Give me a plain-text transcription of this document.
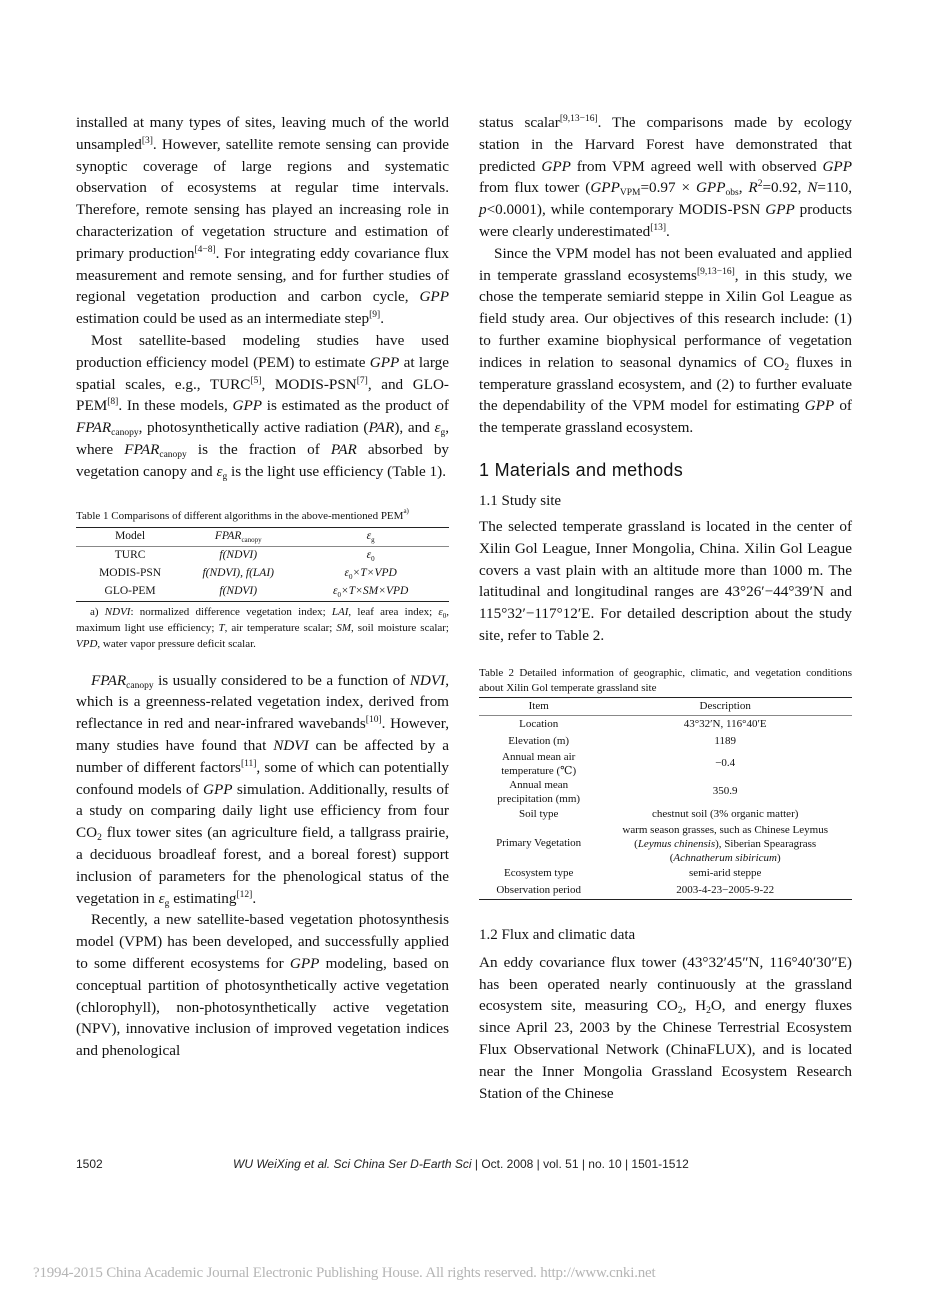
installed at many types of sites, leaving much of the world unsampled[3]. However, satellite remote sensing can provide synoptic coverage of large regions and systematic observation of ecosystems at regular time intervals. Therefore, remote sensing has played an increasing role in characterization of vegetation structure and estimation of primary production[4−8]. For integrating eddy covariance flux measurement and remote sensing, and for further studies of regional vegetation production and carbon cycle, GPP estimation could be used as an intermediate step[9].

Most satellite-based modeling studies have used production efficiency model (PEM) to estimate GPP at large spatial scales, e.g., TURC[5], MODIS-PSN[7], and GLO-PEM[8]. In these models, GPP is estimated as the product of $FPAR_{canopy}$, photosynthetically active radiation (PAR), and $\varepsilon_g$, where $FPAR_{canopy}$ is the fraction of PAR absorbed by vegetation canopy and $\varepsilon_g$ is the light use efficiency (Table 1).

Table 1 Comparisons of different algorithms in the above-mentioned PEM$^{a)}$

Model	$FPAR_{canopy}$	$\varepsilon_g$
TURC	f(NDVI)	$\varepsilon_0$
MODIS-PSN	f(NDVI), f(LAI)	$\varepsilon_0\times T\times VPD$
GLO-PEM	f(NDVI)	$\varepsilon_0\times T\times SM\times VPD$

a) NDVI: normalized difference vegetation index; LAI, leaf area index; $\varepsilon_0$, maximum light use efficiency; T, air temperature scalar; SM, soil moisture scalar; VPD, water vapor pressure deficit scalar.

$FPAR_{canopy}$ is usually considered to be a function of NDVI, which is a greenness-related vegetation index, derived from reflectance in red and near-infrared wavebands[10]. However, many studies have found that NDVI can be affected by a number of different factors[11], some of which can potentially confound models of GPP simulation. Additionally, results of a study on comparing daily light use efficiency from four $CO_2$ flux tower sites (an agriculture field, a tallgrass prairie, a deciduous broadleaf forest, and a boreal forest) support inclusion of parameters for the phenological status of the vegetation in $\varepsilon_g$ estimating[12].

Recently, a new satellite-based vegetation photosynthesis model (VPM) has been developed, and successfully applied to some different ecosystems for GPP modeling, based on conceptual partition of photosynthetically active vegetation (chlorophyll), non-photosynthetically active vegetation (NPV), innovative inclusion of improved vegetation indices and phenological

status scalar[9,13−16]. The comparisons made by ecology station in the Harvard Forest have demonstrated that predicted GPP from VPM agreed well with observed GPP from flux tower ($GPP_{VPM}=0.97 \times GPP_{obs}$, $R^2=0.92$, N=110, p<0.0001), while contemporary MODIS-PSN GPP products were clearly underestimated[13].

Since the VPM model has not been evaluated and applied in temperate grassland ecosystems[9,13−16], in this study, we chose the temperate semiarid steppe in Xilin Gol League as field study area. Our objectives of this research include: (1) to further examine biophysical performance of vegetation indices in relation to seasonal dynamics of $CO_2$ fluxes in temperature grassland ecosystem, and (2) to further evaluate the dependability of the VPM model for estimating GPP of the temperate grassland ecosystem.

1 Materials and methods
1.1 Study site

The selected temperate grassland is located in the center of Xilin Gol League, Inner Mongolia, China. Xilin Gol League covers a vast plain with an altitude more than 1000 m. The latitudinal and longitudinal ranges are 43°26′−44°39′N and 115°32′−117°12′E. For detailed description about the study site, refer to Table 2.

Table 2 Detailed information of geographic, climatic, and vegetation conditions about Xilin Gol temperate grassland site

Item	Description
Location	43°32′N, 116°40′E
Elevation (m)	1189
Annual mean air temperature (℃)	−0.4
Annual mean precipitation (mm)	350.9
Soil type	chestnut soil (3% organic matter)
Primary Vegetation	warm season grasses, such as Chinese Leymus (Leymus chinensis), Siberian Spearagrass (Achnatherum sibiricum)
Ecosystem type	semi-arid steppe
Observation period	2003-4-23−2005-9-22
1.2 Flux and climatic data

An eddy covariance flux tower (43°32′45″N, 116°40′30″E) has been operated nearly continuously at the grassland ecosystem site, measuring $CO_2$, $H_2O$, and energy fluxes since April 23, 2003 by the Chinese Terrestrial Ecosystem Flux Observational Network (ChinaFLUX), and is located near the Inner Mongolia Grassland Ecosystem Research Station of the Chinese

1502	WU WeiXing et al. Sci China Ser D-Earth Sci | Oct. 2008 | vol. 51 | no. 10 | 1501-1512
?1994-2015 China Academic Journal Electronic Publishing House. All rights reserved. http://www.cnki.net
